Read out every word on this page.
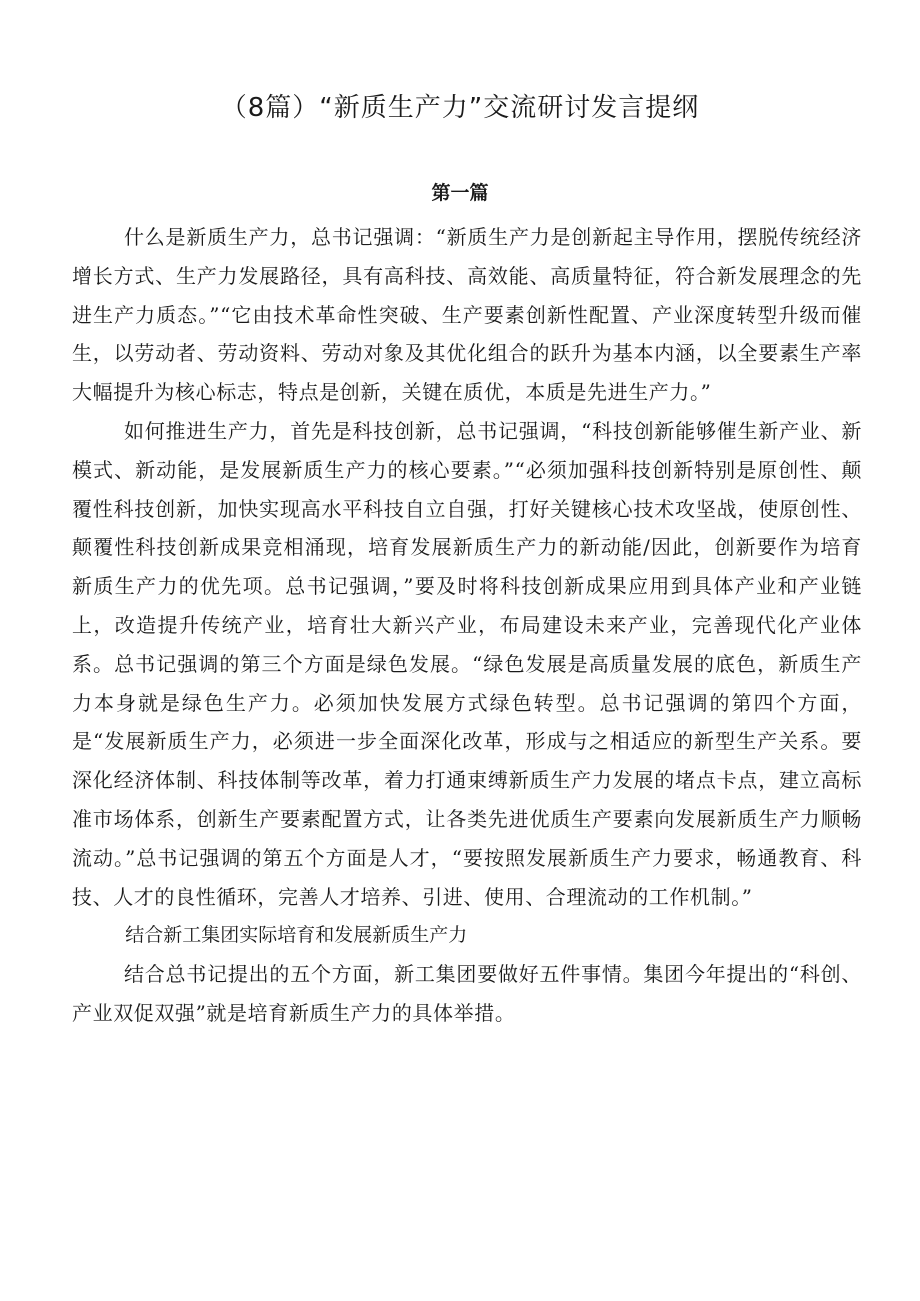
（8篇）“新质生产力”交流研讨发言提纲
第一篇

什么是新质生产力，总书记强调：“新质生产力是创新起主导作用，摆脱传统经济增长方式、生产力发展路径，具有高科技、高效能、高质量特征，符合新发展理念的先进生产力质态。”“它由技术革命性突破、生产要素创新性配置、产业深度转型升级而催生，以劳动者、劳动资料、劳动对象及其优化组合的跃升为基本内涵，以全要素生产率大幅提升为核心标志，特点是创新，关键在质优，本质是先进生产力。”

如何推进生产力，首先是科技创新，总书记强调，“科技创新能够催生新产业、新模式、新动能，是发展新质生产力的核心要素。”“必须加强科技创新特别是原创性、颠覆性科技创新，加快实现高水平科技自立自强，打好关键核心技术攻坚战，使原创性、颠覆性科技创新成果竞相涌现，培育发展新质生产力的新动能/因此，创新要作为培育新质生产力的优先项。总书记强调，”要及时将科技创新成果应用到具体产业和产业链上，改造提升传统产业，培育壮大新兴产业，布局建设未来产业，完善现代化产业体系。总书记强调的第三个方面是绿色发展。“绿色发展是高质量发展的底色，新质生产力本身就是绿色生产力。必须加快发展方式绿色转型。总书记强调的第四个方面，是“发展新质生产力，必须进一步全面深化改革，形成与之相适应的新型生产关系。要深化经济体制、科技体制等改革，着力打通束缚新质生产力发展的堵点卡点，建立高标准市场体系，创新生产要素配置方式，让各类先进优质生产要素向发展新质生产力顺畅流动。”总书记强调的第五个方面是人才，“要按照发展新质生产力要求，畅通教育、科技、人才的良性循环，完善人才培养、引进、使用、合理流动的工作机制。”

结合新工集团实际培育和发展新质生产力

结合总书记提出的五个方面，新工集团要做好五件事情。集团今年提出的“科创、产业双促双强”就是培育新质生产力的具体举措。
